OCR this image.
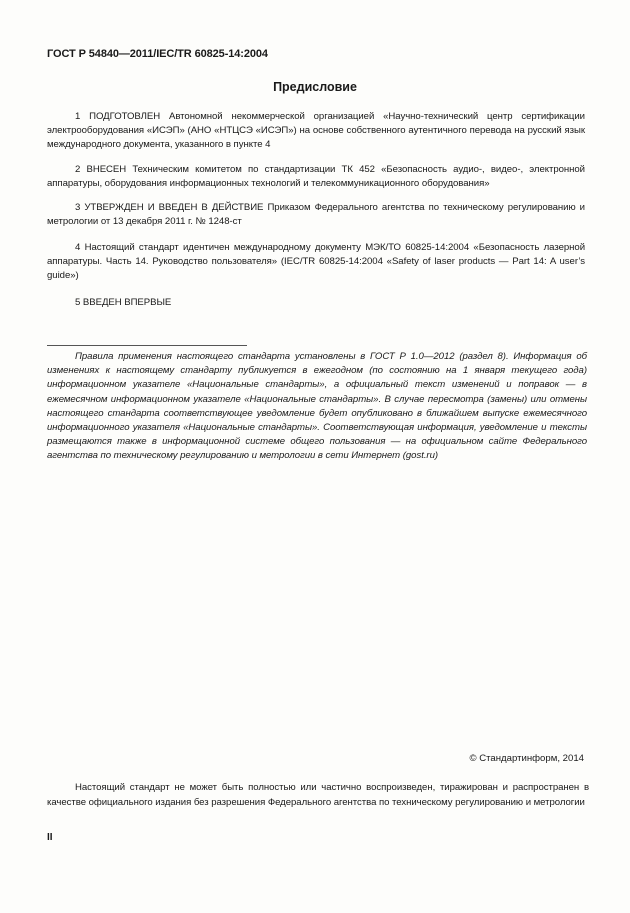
ГОСТ Р 54840—2011/IEC/TR 60825-14:2004
Предисловие
1 ПОДГОТОВЛЕН Автономной некоммерческой организацией «Научно-технический центр сертификации электрооборудования «ИСЭП» (АНО «НТЦСЭ «ИСЭП») на основе собственного аутентичного перевода на русский язык международного документа, указанного в пункте 4
2 ВНЕСЕН Техническим комитетом по стандартизации ТК 452 «Безопасность аудио-, видео-, электронной аппаратуры, оборудования информационных технологий и телекоммуникационного оборудования»
3 УТВЕРЖДЕН И ВВЕДЕН В ДЕЙСТВИЕ Приказом Федерального агентства по техническому регулированию и метрологии от 13 декабря 2011 г. № 1248-ст
4 Настоящий стандарт идентичен международному документу МЭК/ТО 60825-14:2004 «Безопасность лазерной аппаратуры. Часть 14. Руководство пользователя» (IEC/TR 60825-14:2004 «Safety of laser products — Part 14: A user’s guide»)
5 ВВЕДЕН ВПЕРВЫЕ
Правила применения настоящего стандарта установлены в ГОСТ Р 1.0—2012 (раздел 8). Информация об изменениях к настоящему стандарту публикуется в ежегодном (по состоянию на 1 января текущего года) информационном указателе «Национальные стандарты», а официальный текст изменений и поправок — в ежемесячном информационном указателе «Национальные стандарты». В случае пересмотра (замены) или отмены настоящего стандарта соответствующее уведомление будет опубликовано в ближайшем выпуске ежемесячного информационного указателя «Национальные стандарты». Соответствующая информация, уведомление и тексты размещаются также в информационной системе общего пользования — на официальном сайте Федерального агентства по техническому регулированию и метрологии в сети Интернет (gost.ru)
© Стандартинформ, 2014
Настоящий стандарт не может быть полностью или частично воспроизведен, тиражирован и распространен в качестве официального издания без разрешения Федерального агентства по техническому регулированию и метрологии
II
